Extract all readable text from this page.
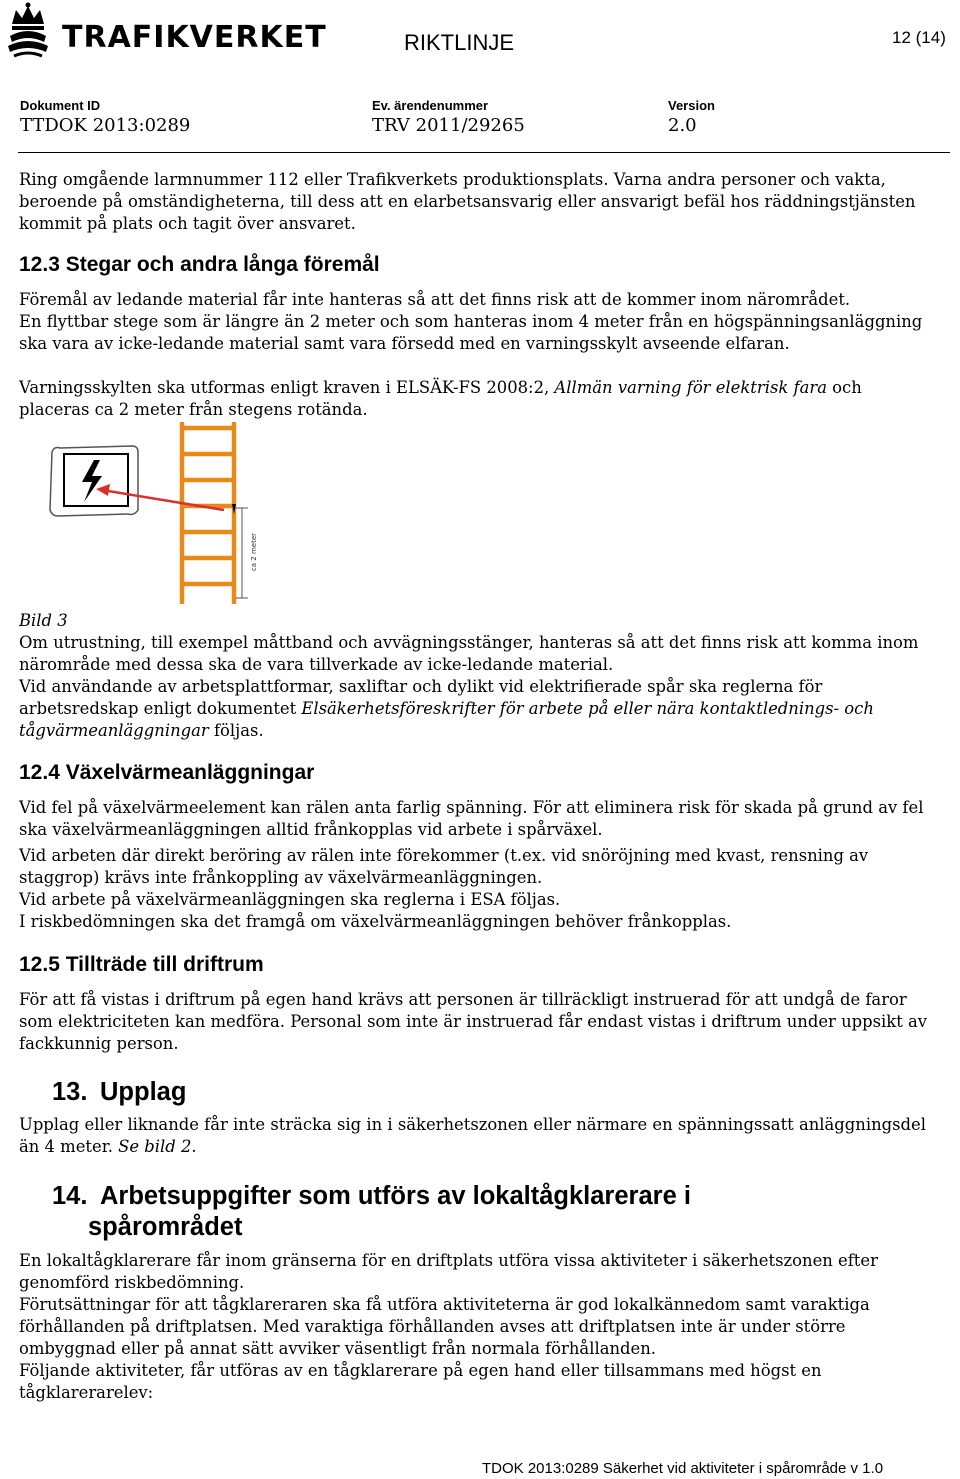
TRAFIKVERKET	RIKTLINJE	12 (14)
Dokument ID
TTDOK 2013:0289
Ev. ärendenummer
TRV 2011/29265
Version
2.0

Ring omgående larmnummer 112 eller Trafikverkets produktionsplats. Varna andra personer och vakta, beroende på omständigheterna, till dess att en elarbetsansvarig eller ansvarigt befäl hos räddningstjänsten kommit på plats och tagit över ansvaret.

12.3 Stegar och andra långa föremål

Föremål av ledande material får inte hanteras så att det finns risk att de kommer inom närområdet.

En flyttbar stege som är längre än 2 meter och som hanteras inom 4 meter från en högspänningsanläggning ska vara av icke-ledande material samt vara försedd med en varningsskylt avseende elfaran.

Varningsskylten ska utformas enligt kraven i ELSÄK-FS 2008:2, Allmän varning för elektrisk fara och placeras ca 2 meter från stegens rotända.

ca 2 meter

Bild 3

Om utrustning, till exempel måttband och avvägningsstänger, hanteras så att det finns risk att komma inom närområde med dessa ska de vara tillverkade av icke-ledande material.

Vid användande av arbetsplattformar, saxliftar och dylikt vid elektrifierade spår ska reglerna för arbetsredskap enligt dokumentet Elsäkerhetsföreskrifter för arbete på eller nära kontaktlednings- och tågvärmeanläggningar följas.

12.4 Växelvärmeanläggningar

Vid fel på växelvärmeelement kan rälen anta farlig spänning. För att eliminera risk för skada på grund av fel ska växelvärmeanläggningen alltid frånkopplas vid arbete i spårväxel.

Vid arbeten där direkt beröring av rälen inte förekommer (t.ex. vid snöröjning med kvast, rensning av staggrop) krävs inte frånkoppling av växelvärmeanläggningen.

Vid arbete på växelvärmeanläggningen ska reglerna i ESA följas.

I riskbedömningen ska det framgå om växelvärmeanläggningen behöver frånkopplas.

12.5 Tillträde till driftrum

För att få vistas i driftrum på egen hand krävs att personen är tillräckligt instruerad för att undgå de faror som elektriciteten kan medföra. Personal som inte är instruerad får endast vistas i driftrum under uppsikt av fackkunnig person.

13. Upplag

Upplag eller liknande får inte sträcka sig in i säkerhetszonen eller närmare en spänningssatt anläggningsdel än 4 meter. Se bild 2.

14. Arbetsuppgifter som utförs av lokaltågklarerare i
spårområdet

En lokaltågklarerare får inom gränserna för en driftplats utföra vissa aktiviteter i säkerhetszonen efter genomförd riskbedömning.

Förutsättningar för att tågklareraren ska få utföra aktiviteterna är god lokalkännedom samt varaktiga förhållanden på driftplatsen. Med varaktiga förhållanden avses att driftplatsen inte är under större ombyggnad eller på annat sätt avviker väsentligt från normala förhållanden.

Följande aktiviteter, får utföras av en tågklarerare på egen hand eller tillsammans med högst en tågklarerarelev:

TDOK 2013:0289 Säkerhet vid aktiviteter i spårområde v 1.0
